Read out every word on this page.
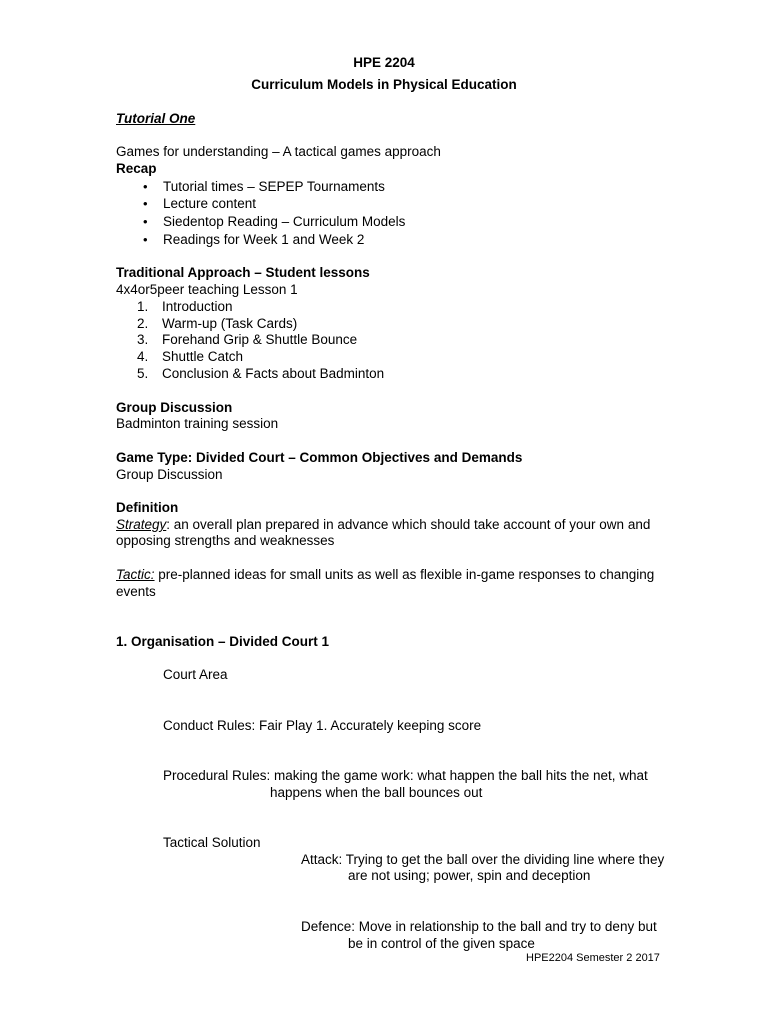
HPE 2204
Curriculum Models in Physical Education
Tutorial One
Games for understanding – A tactical games approach
Recap
• Tutorial times – SEPEP Tournaments
• Lecture content
• Siedentop Reading – Curriculum Models
• Readings for Week 1 and Week 2
Traditional Approach – Student lessons
4x4or5peer teaching Lesson 1
1. Introduction
2. Warm-up (Task Cards)
3. Forehand Grip & Shuttle Bounce
4. Shuttle Catch
5. Conclusion & Facts about Badminton
Group Discussion
Badminton training session
Game Type: Divided Court – Common Objectives and Demands
Group Discussion
Definition
Strategy: an overall plan prepared in advance which should take account of your own and
opposing strengths and weaknesses
Tactic: pre-planned ideas for small units as well as flexible in-game responses to changing
events
1. Organisation – Divided Court 1
Court Area
Conduct Rules: Fair Play 1. Accurately keeping score
Procedural Rules: making the game work: what happen the ball hits the net, what
happens when the ball bounces out
Tactical Solution
Attack: Trying to get the ball over the dividing line where they
are not using; power, spin and deception
Defence: Move in relationship to the ball and try to deny but
be in control of the given space
HPE2204 Semester 2 2017
